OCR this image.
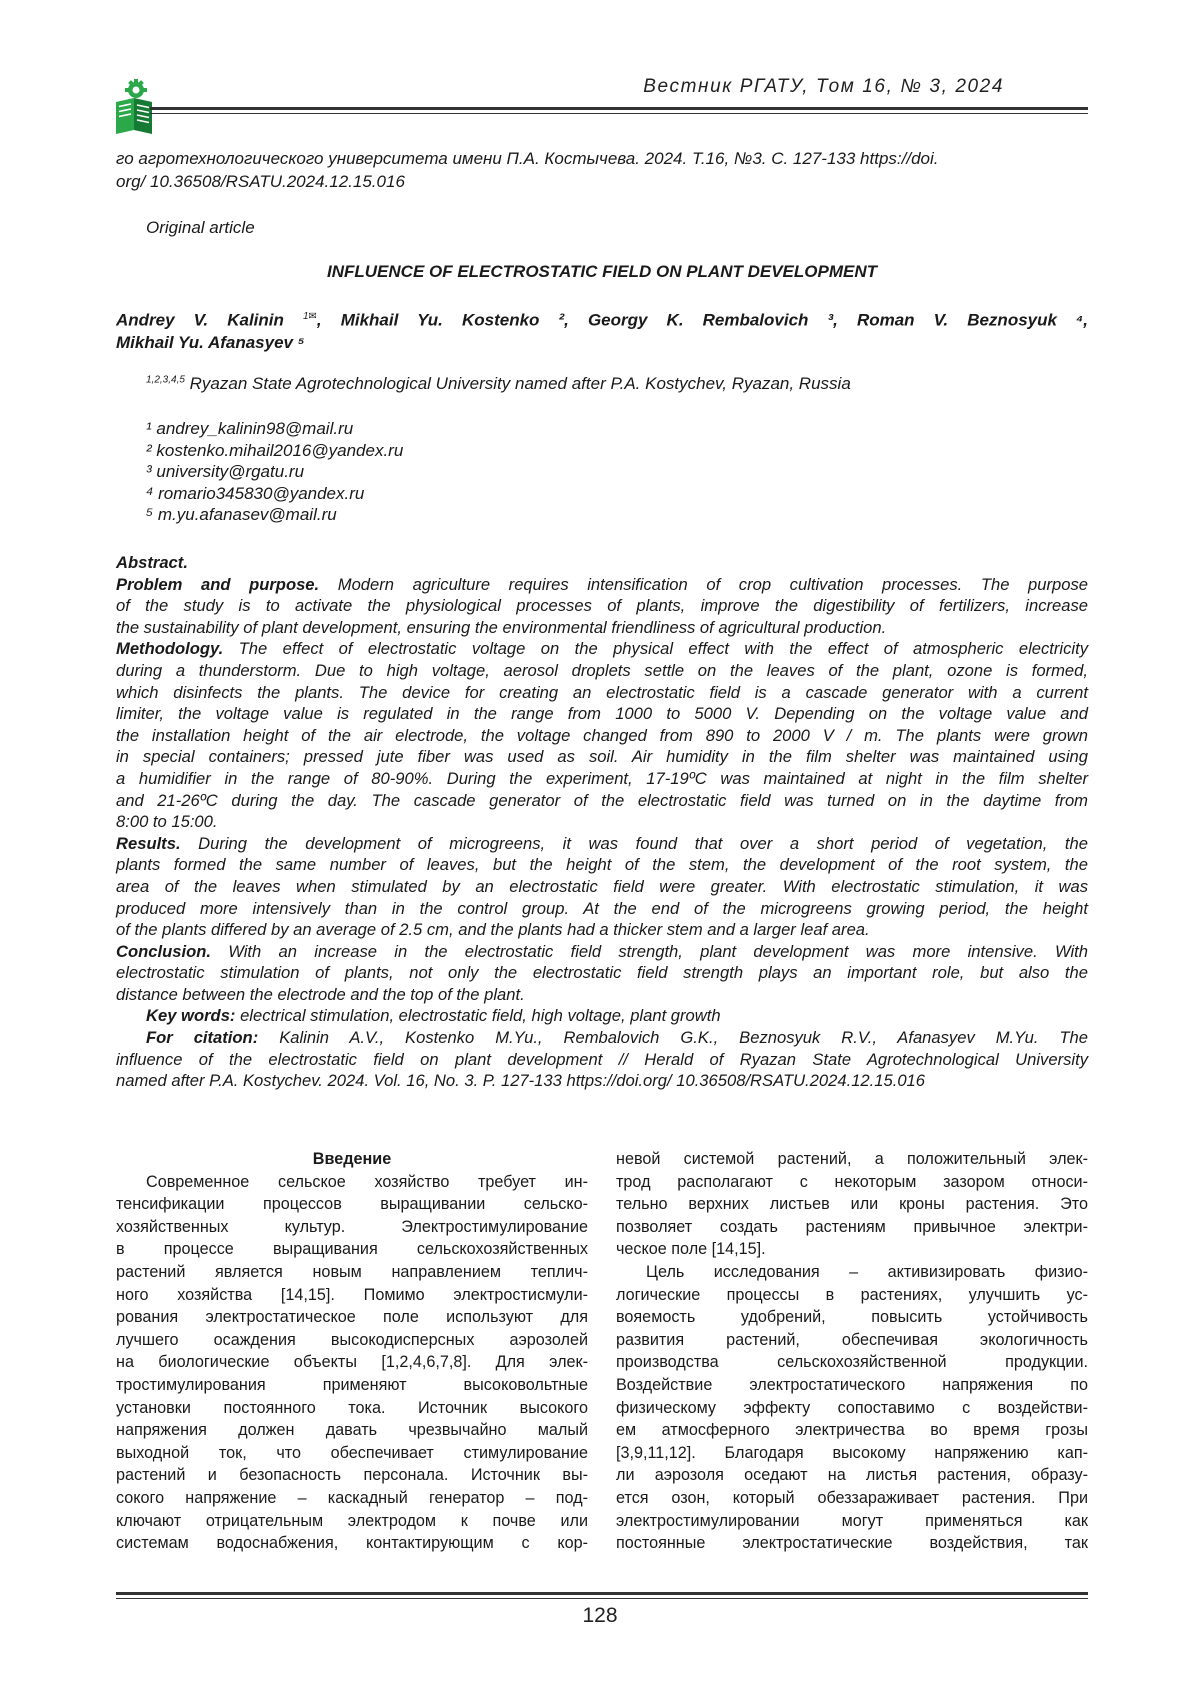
Вестник РГАТУ, Том 16, № 3, 2024
го агротехнологического университета имени П.А. Костычева. 2024. Т.16, №3. С. 127-133 https://doi.
org/ 10.36508/RSATU.2024.12.15.016
Original article
INFLUENCE OF ELECTROSTATIC FIELD ON PLANT DEVELOPMENT
Andrey V. Kalinin $^{1✉}$, Mikhail Yu. Kostenko ², Georgy K. Rembalovich ³, Roman V. Beznosyuk ⁴,
Mikhail Yu. Afanasyev ⁵
$^{1,2,3,4,5}$ Ryazan State Agrotechnological University named after P.A. Kostychev, Ryazan, Russia
¹ andrey_kalinin98@mail.ru
² kostenko.mihail2016@yandex.ru
³ university@rgatu.ru
⁴ romario345830@yandex.ru
⁵ m.yu.afanasev@mail.ru
Abstract.
Problem and purpose. Modern agriculture requires intensification of crop cultivation processes. The purpose
of the study is to activate the physiological processes of plants, improve the digestibility of fertilizers, increase
the sustainability of plant development, ensuring the environmental friendliness of agricultural production.
Methodology. The effect of electrostatic voltage on the physical effect with the effect of atmospheric electricity
during a thunderstorm. Due to high voltage, aerosol droplets settle on the leaves of the plant, ozone is formed,
which disinfects the plants. The device for creating an electrostatic field is a cascade generator with a current
limiter, the voltage value is regulated in the range from 1000 to 5000 V. Depending on the voltage value and
the installation height of the air electrode, the voltage changed from 890 to 2000 V / m. The plants were grown
in special containers; pressed jute fiber was used as soil. Air humidity in the film shelter was maintained using
a humidifier in the range of 80-90%. During the experiment, 17-19ºC was maintained at night in the film shelter
and 21-26ºC during the day. The cascade generator of the electrostatic field was turned on in the daytime from
8:00 to 15:00.
Results. During the development of microgreens, it was found that over a short period of vegetation, the
plants formed the same number of leaves, but the height of the stem, the development of the root system, the
area of the leaves when stimulated by an electrostatic field were greater. With electrostatic stimulation, it was
produced more intensively than in the control group. At the end of the microgreens growing period, the height
of the plants differed by an average of 2.5 cm, and the plants had a thicker stem and a larger leaf area.
Conclusion. With an increase in the electrostatic field strength, plant development was more intensive. With
electrostatic stimulation of plants, not only the electrostatic field strength plays an important role, but also the
distance between the electrode and the top of the plant.
Key words: electrical stimulation, electrostatic field, high voltage, plant growth
For citation: Kalinin A.V., Kostenko M.Yu., Rembalovich G.K., Beznosyuk R.V., Afanasyev M.Yu. The
influence of the electrostatic field on plant development // Herald of Ryazan State Agrotechnological University
named after P.A. Kostychev. 2024. Vol. 16, No. 3. P. 127-133 https://doi.org/ 10.36508/RSATU.2024.12.15.016
Введение
Современное сельское хозяйство требует ин-
тенсификации процессов выращивании сельско-
хозяйственных культур. Электростимулирование
в процессе выращивания сельскохозяйственных
растений является новым направлением теплич-
ного хозяйства [14,15]. Помимо электростисмули-
рования электростатическое поле используют для
лучшего осаждения высокодисперсных аэрозолей
на биологические объекты [1,2,4,6,7,8]. Для элек-
тростимулирования применяют высоковольтные
установки постоянного тока. Источник высокого
напряжения должен давать чрезвычайно малый
выходной ток, что обеспечивает стимулирование
растений и безопасность персонала. Источник вы-
сокого напряжение – каскадный генератор – под-
ключают отрицательным электродом к почве или
системам водоснабжения, контактирующим с кор-
невой системой растений, а положительный элек-
трод располагают с некоторым зазором относи-
тельно верхних листьев или кроны растения. Это
позволяет создать растениям привычное электри-
ческое поле [14,15].
Цель исследования – активизировать физио-
логические процессы в растениях, улучшить ус-
вояемость удобрений, повысить устойчивость
развития растений, обеспечивая экологичность
производства сельскохозяйственной продукции.
Воздействие электростатического напряжения по
физическому эффекту сопоставимо с воздействи-
ем атмосферного электричества во время грозы
[3,9,11,12]. Благодаря высокому напряжению кап-
ли аэрозоля оседают на листья растения, образу-
ется озон, который обеззараживает растения. При
электростимулировании могут применяться как
постоянные электростатические воздействия, так
128
